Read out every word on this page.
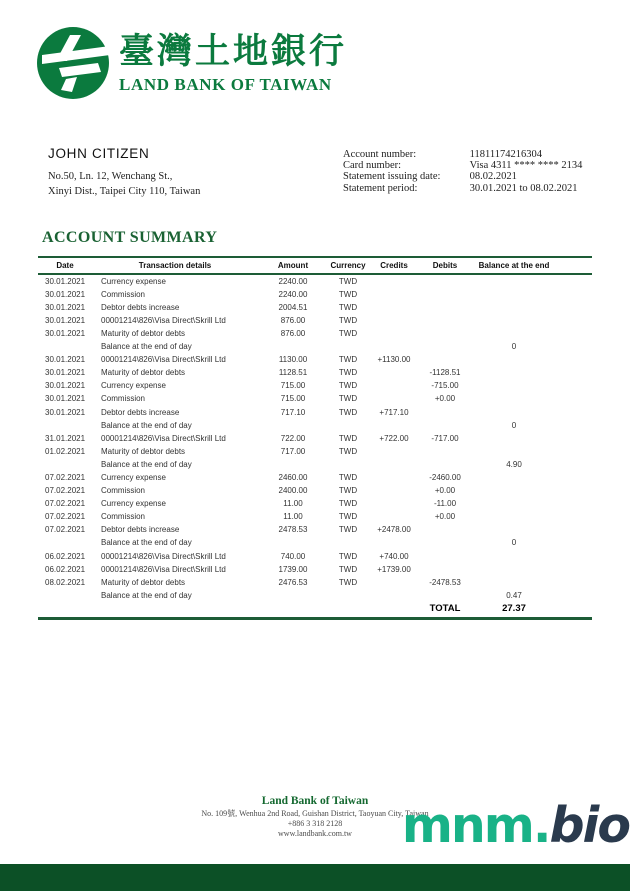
臺灣土地銀行
LAND BANK OF TAIWAN
JOHN CITIZEN
No.50, Ln. 12, Wenchang St.,
Xinyi Dist., Taipei City 110, Taiwan
Account number:	11811174216304
Card number:	Visa 4311 **** **** 2134
Statement issuing date:	08.02.2021
Statement period:	30.01.2021 to 08.02.2021
ACCOUNT SUMMARY
Date	Transaction details	Amount	Currency	Credits	Debits	Balance at the end
30.01.2021	Currency expense	2240.00	TWD			
30.01.2021	Commission	2240.00	TWD			
30.01.2021	Debtor debts increase	2004.51	TWD			
30.01.2021	00001214\826\Visa Direct\Skrill Ltd	876.00	TWD			
30.01.2021	Maturity of debtor debts	876.00	TWD			
	Balance at the end of day					0
30.01.2021	00001214\826\Visa Direct\Skrill Ltd	1130.00	TWD	+1130.00		
30.01.2021	Maturity of debtor debts	1128.51	TWD		-1128.51	
30.01.2021	Currency expense	715.00	TWD		-715.00	
30.01.2021	Commission	715.00	TWD		+0.00	
30.01.2021	Debtor debts increase	717.10	TWD	+717.10		
	Balance at the end of day					0
31.01.2021	00001214\826\Visa Direct\Skrill Ltd	722.00	TWD	+722.00	-717.00	
01.02.2021	Maturity of debtor debts	717.00	TWD			
	Balance at the end of day					4.90
07.02.2021	Currency expense	2460.00	TWD		-2460.00	
07.02.2021	Commission	2400.00	TWD		+0.00	
07.02.2021	Currency expense	11.00	TWD		-11.00	
07.02.2021	Commission	11.00	TWD		+0.00	
07.02.2021	Debtor debts increase	2478.53	TWD	+2478.00		
	Balance at the end of day					0
06.02.2021	00001214\826\Visa Direct\Skrill Ltd	740.00	TWD	+740.00		
06.02.2021	00001214\826\Visa Direct\Skrill Ltd	1739.00	TWD	+1739.00		
08.02.2021	Maturity of debtor debts	2476.53	TWD		-2478.53	
	Balance at the end of day					0.47
					TOTAL	27.37
Land Bank of Taiwan
No. 109號, Wenhua 2nd Road, Guishan District, Taoyuan City, Taiwan
+886 3 318 2128
www.landbank.com.tw	mnm.bio
